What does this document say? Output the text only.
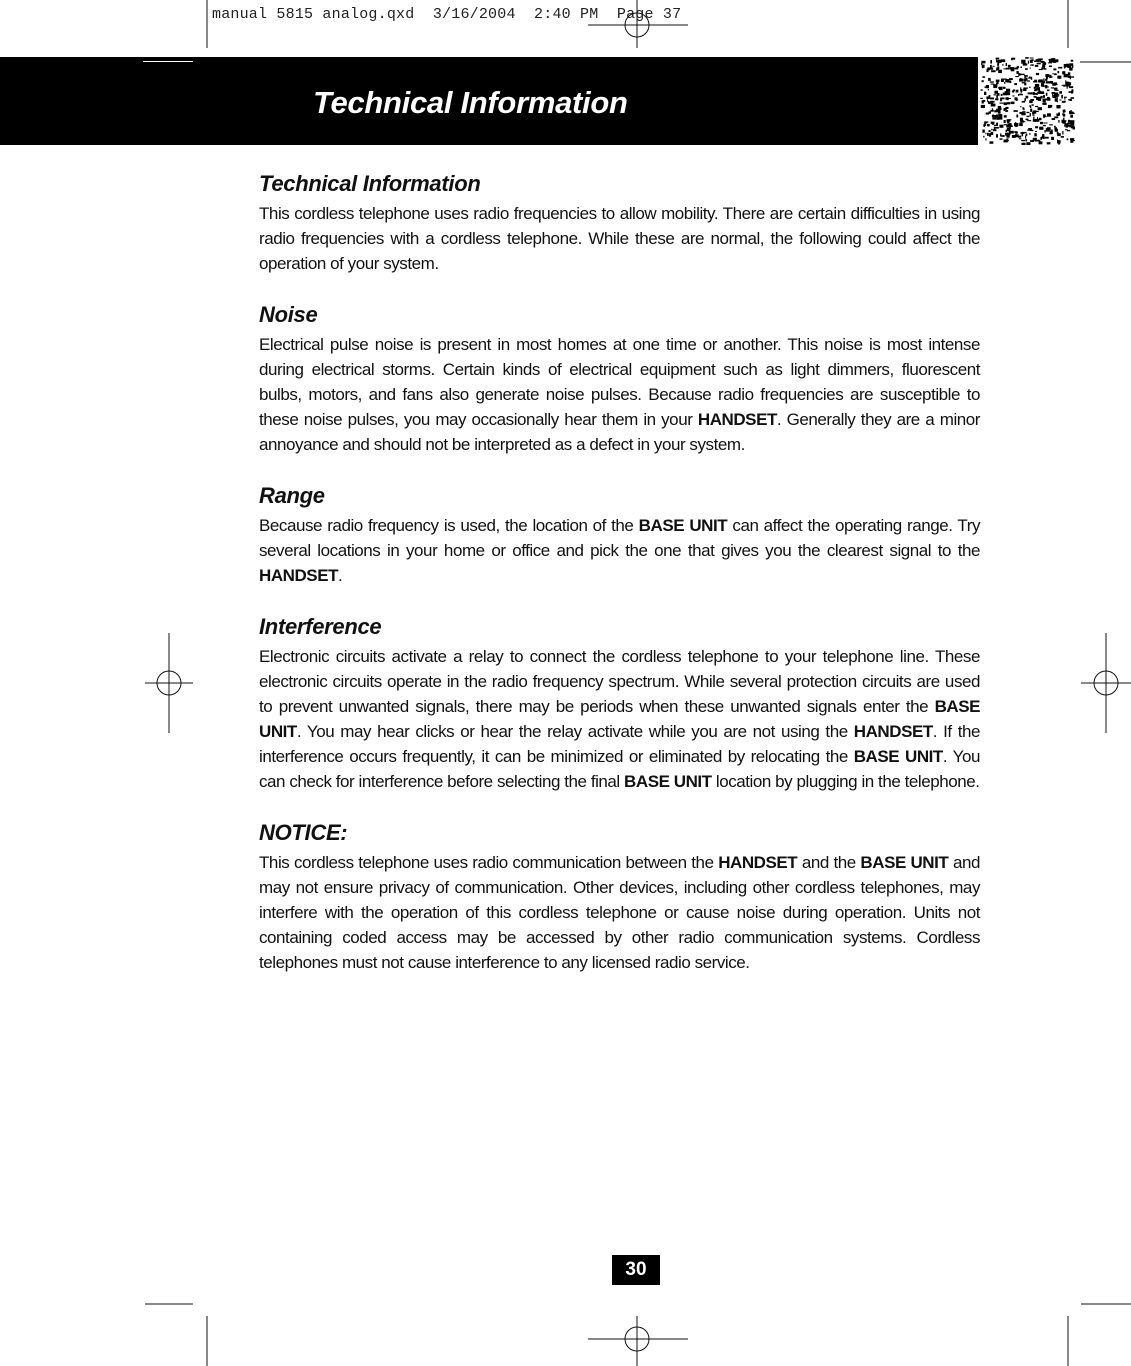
manual 5815 analog.qxd  3/16/2004  2:40 PM  Page 37
Technical Information
Technical Information

This cordless telephone uses radio frequencies to allow mobility. There are certain difficulties in using radio frequencies with a cordless telephone. While these are normal, the following could affect the operation of your system.

Noise

Electrical pulse noise is present in most homes at one time or another. This noise is most intense during electrical storms. Certain kinds of electrical equipment such as light dimmers, fluorescent bulbs, motors, and fans also generate noise pulses. Because radio frequencies are susceptible to these noise pulses, you may occasionally hear them in your HANDSET. Generally they are a minor annoyance and should not be interpreted as a defect in your system.

Range

Because radio frequency is used, the location of the BASE UNIT can affect the operating range. Try several locations in your home or office and pick the one that gives you the clearest signal to the HANDSET.

Interference

Electronic circuits activate a relay to connect the cordless telephone to your telephone line. These electronic circuits operate in the radio frequency spectrum. While several protection circuits are used to prevent unwanted signals, there may be periods when these unwanted signals enter the BASE UNIT. You may hear clicks or hear the relay activate while you are not using the HANDSET. If the interference occurs frequently, it can be minimized or eliminated by relocating the BASE UNIT. You can check for interference before selecting the final BASE UNIT location by plugging in the telephone.

NOTICE:

This cordless telephone uses radio communication between the HANDSET and the BASE UNIT and may not ensure privacy of communication. Other devices, including other cordless telephones, may interfere with the operation of this cordless telephone or cause noise during operation. Units not containing coded access may be accessed by other radio communication systems. Cordless telephones must not cause interference to any licensed radio service.

30
